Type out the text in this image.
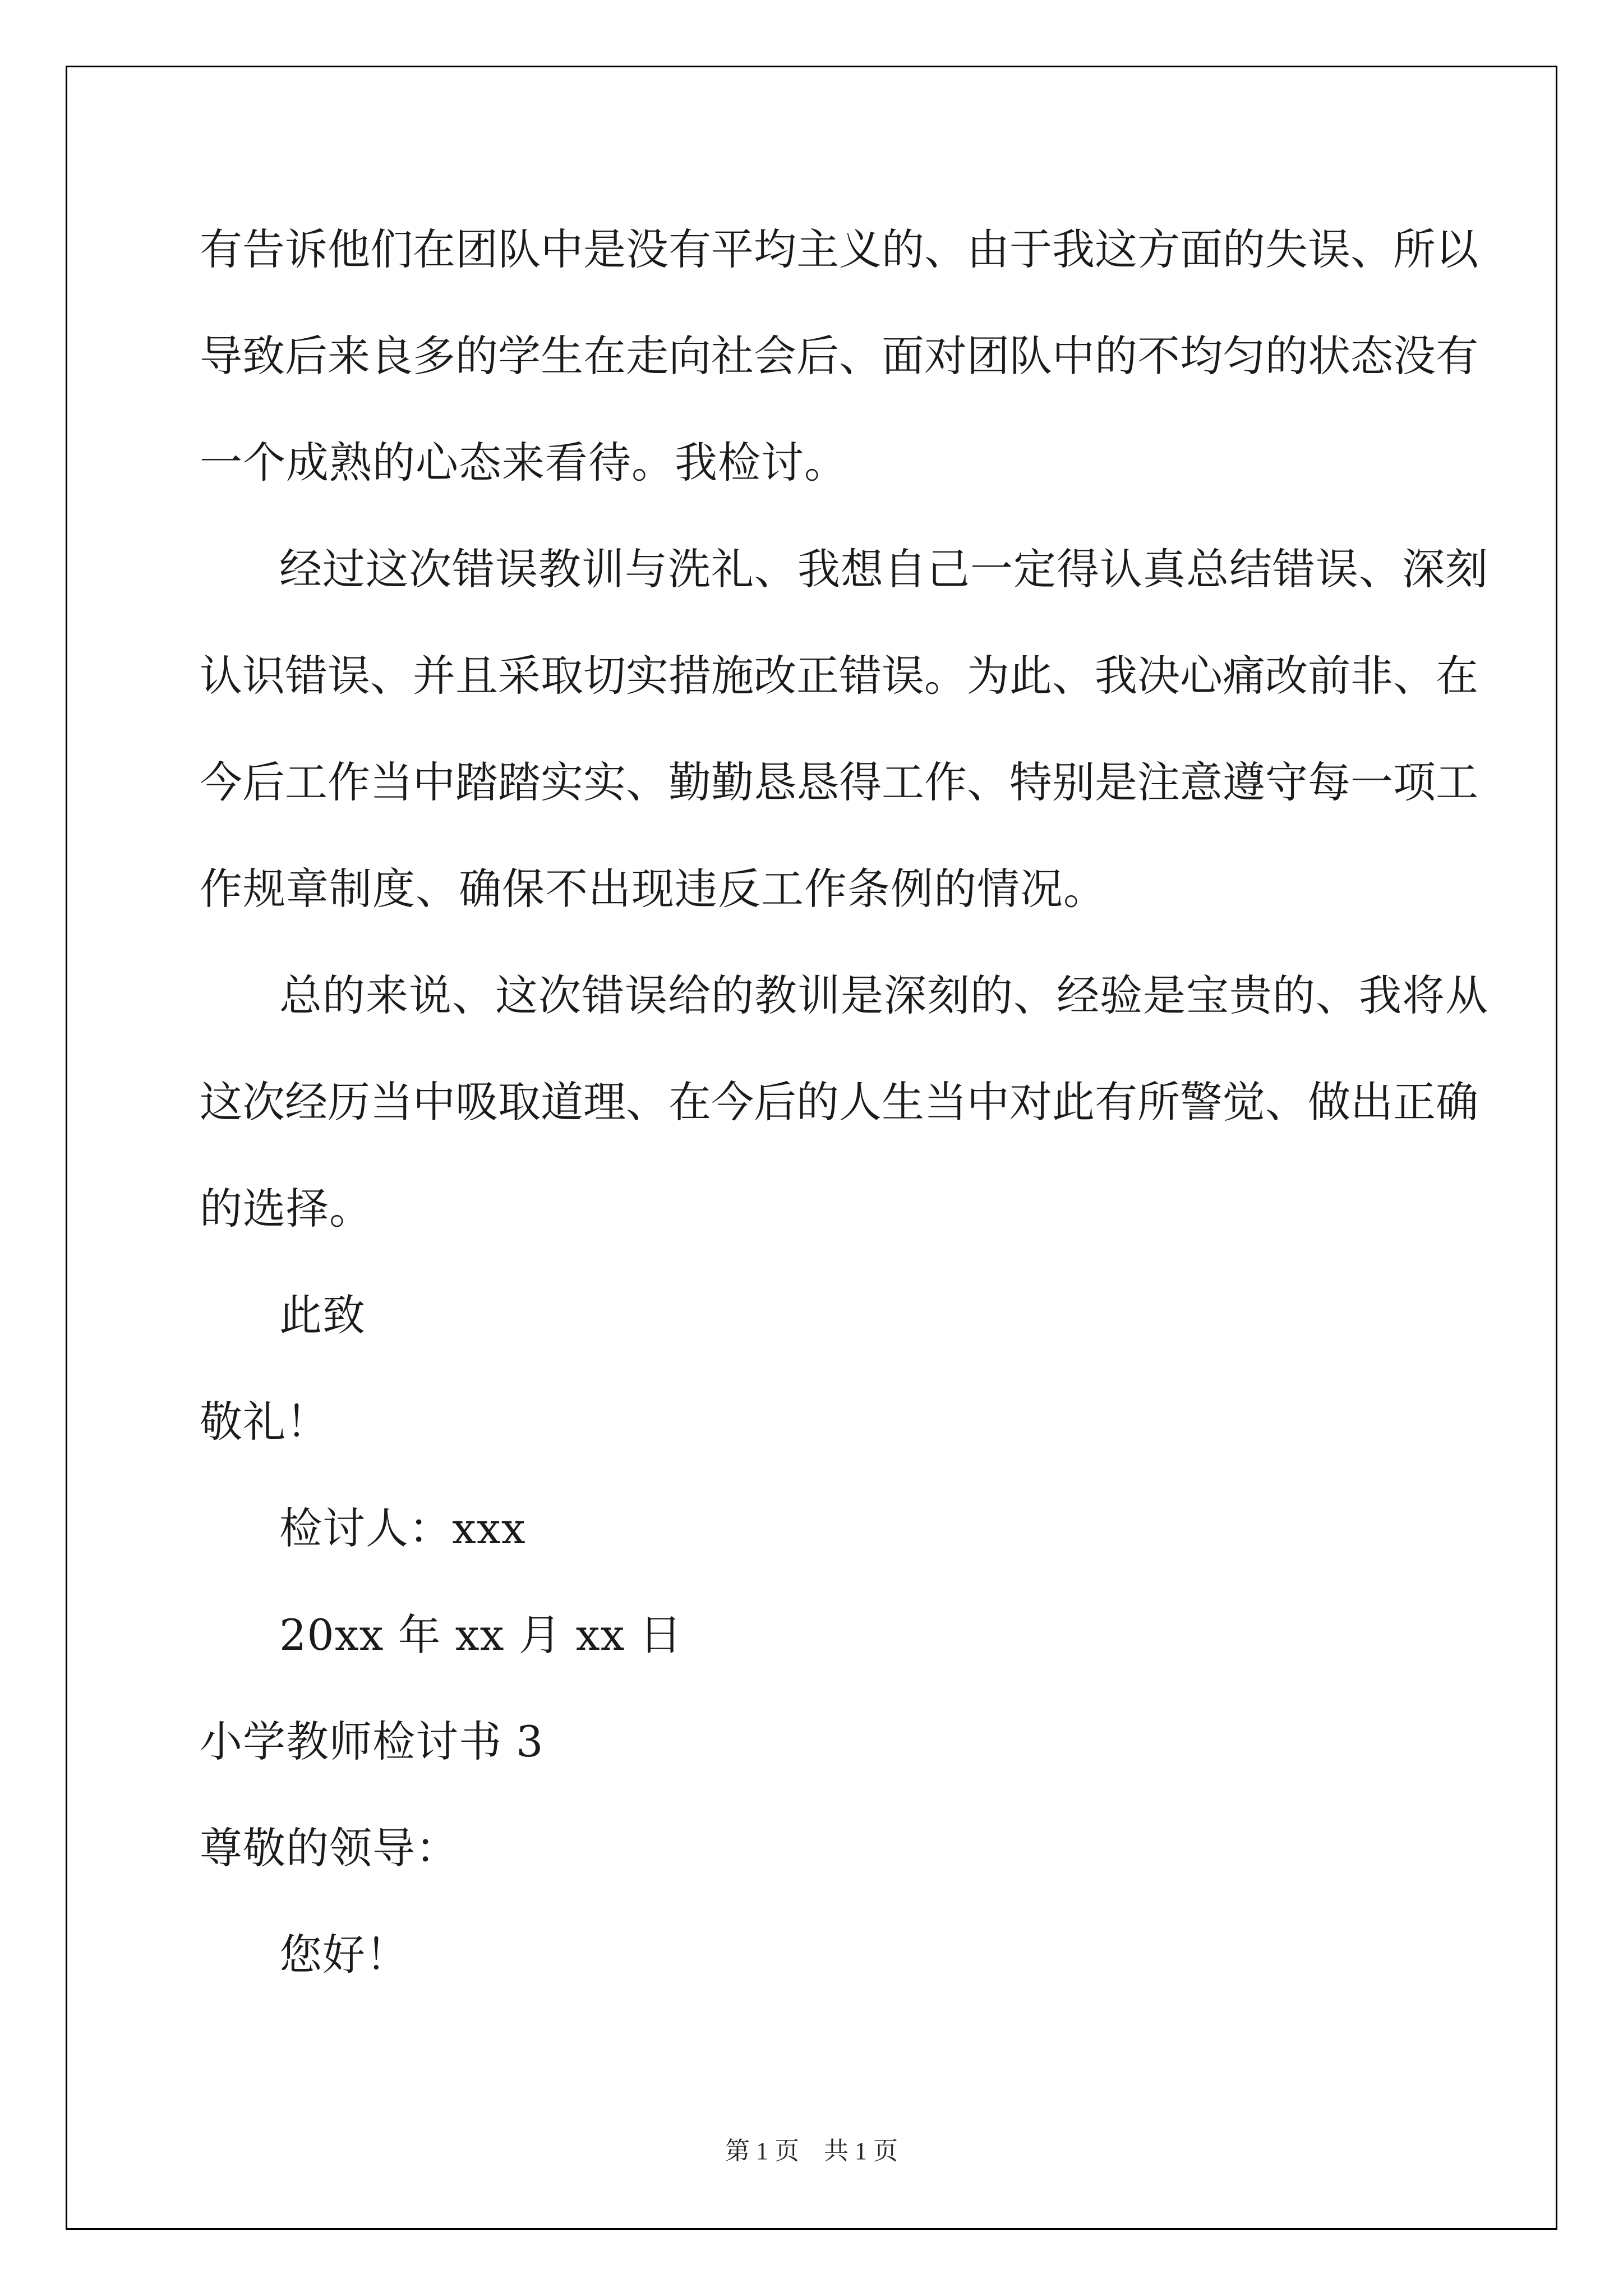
有告诉他们在团队中是没有平均主义的、由于我这方面的失误、所以
导致后来良多的学生在走向社会后、面对团队中的不均匀的状态没有
一个成熟的心态来看待。我检讨。
经过这次错误教训与洗礼、我想自己一定得认真总结错误、深刻
认识错误、并且采取切实措施改正错误。为此、我决心痛改前非、在
今后工作当中踏踏实实、勤勤恳恳得工作、特别是注意遵守每一项工
作规章制度、确保不出现违反工作条例的情况。
总的来说、这次错误给的教训是深刻的、经验是宝贵的、我将从
这次经历当中吸取道理、在今后的人生当中对此有所警觉、做出正确
的选择。
此致
敬礼！
检讨人：xxx
20xx 年 xx 月 xx 日
小学教师检讨书 3
尊敬的领导：
您好！
第 1 页    共 1 页
